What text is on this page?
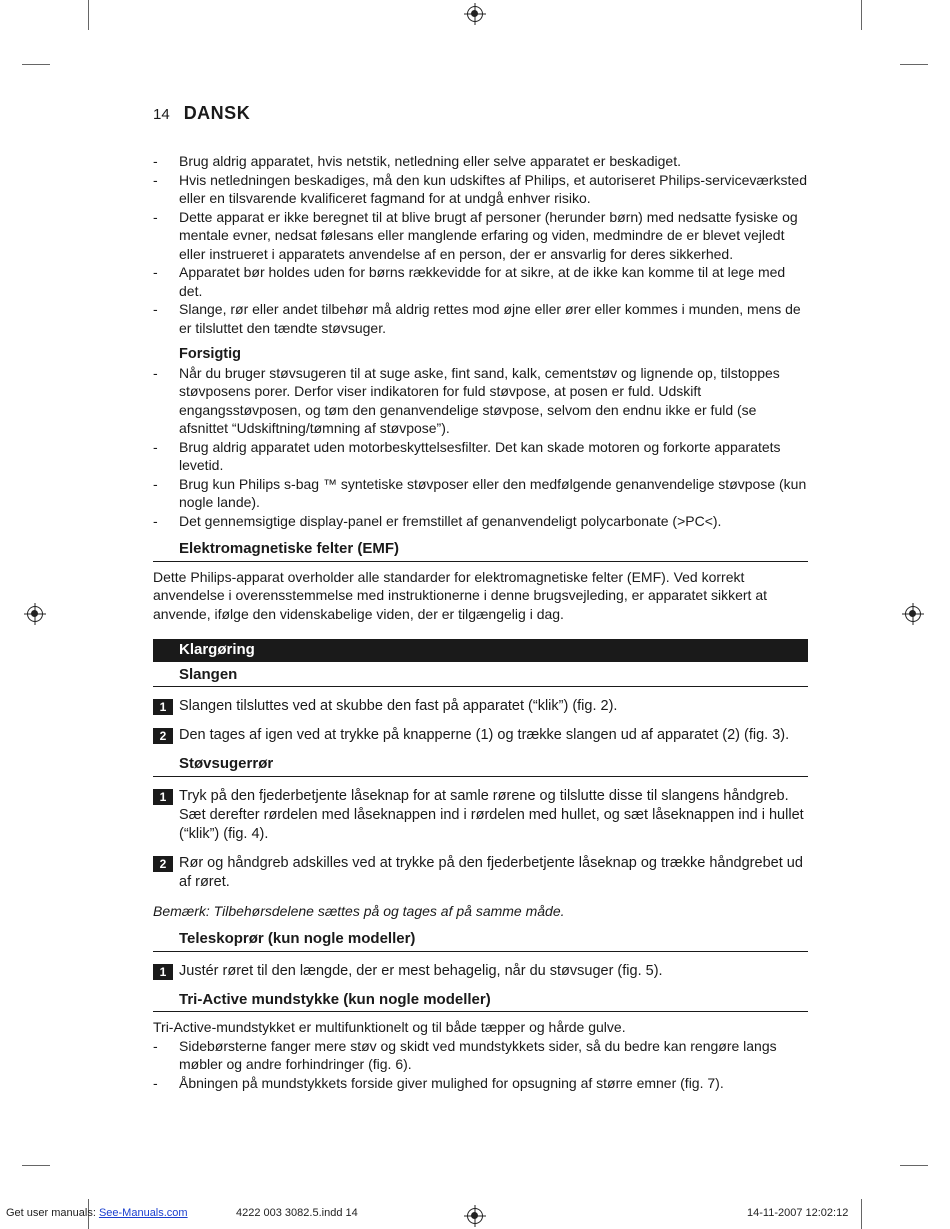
14 DANSK
- Brug aldrig apparatet, hvis netstik, netledning eller selve apparatet er beskadiget.
- Hvis netledningen beskadiges, må den kun udskiftes af Philips, et autoriseret Philips-serviceværksted eller en tilsvarende kvalificeret fagmand for at undgå enhver risiko.
- Dette apparat er ikke beregnet til at blive brugt af personer (herunder børn) med nedsatte fysiske og mentale evner, nedsat følesans eller manglende erfaring og viden, medmindre de er blevet vejledt eller instrueret i apparatets anvendelse af en person, der er ansvarlig for deres sikkerhed.
- Apparatet bør holdes uden for børns rækkevidde for at sikre, at de ikke kan komme til at lege med det.
- Slange, rør eller andet tilbehør må aldrig rettes mod øjne eller ører eller kommes i munden, mens de er tilsluttet den tændte støvsuger.
Forsigtig
- Når du bruger støvsugeren til at suge aske, fint sand, kalk, cementstøv og lignende op, tilstoppes støvposens porer. Derfor viser indikatoren for fuld støvpose, at posen er fuld. Udskift engangsstøvposen, og tøm den genanvendelige støvpose, selvom den endnu ikke er fuld (se afsnittet “Udskiftning/tømning af støvpose”).
- Brug aldrig apparatet uden motorbeskyttelsesfilter. Det kan skade motoren og forkorte apparatets levetid.
- Brug kun Philips s-bag ™ syntetiske støvposer eller den medfølgende genanvendelige støvpose (kun nogle lande).
- Det gennemsigtige display-panel er fremstillet af genanvendeligt polycarbonate (>PC<).
Elektromagnetiske felter (EMF)

Dette Philips-apparat overholder alle standarder for elektromagnetiske felter (EMF). Ved korrekt anvendelse i overensstemmelse med instruktionerne i denne brugsvejleding, er apparatet sikkert at anvende, ifølge den videnskabelige viden, der er tilgængelig i dag.

Klargøring
Slangen
1 Slangen tilsluttes ved at skubbe den fast på apparatet (“klik”) (fig. 2).
2 Den tages af igen ved at trykke på knapperne (1) og trække slangen ud af apparatet (2) (fig. 3).
Støvsugerrør
1 Tryk på den fjederbetjente låseknap for at samle rørene og tilslutte disse til slangens håndgreb. Sæt derefter rørdelen med låseknappen ind i rørdelen med hullet, og sæt låseknappen ind i hullet (“klik”) (fig. 4).
2 Rør og håndgreb adskilles ved at trykke på den fjederbetjente låseknap og trække håndgrebet ud af røret.
Bemærk: Tilbehørsdelene sættes på og tages af på samme måde.
Teleskoprør (kun nogle modeller)
1 Justér røret til den længde, der er mest behagelig, når du støvsuger (fig. 5).
Tri-Active mundstykke (kun nogle modeller)

Tri-Active-mundstykket er multifunktionelt og til både tæpper og hårde gulve.

- Sidebørsterne fanger mere støv og skidt ved mundstykkets sider, så du bedre kan rengøre langs møbler og andre forhindringer (fig. 6).
- Åbningen på mundstykkets forside giver mulighed for opsugning af større emner (fig. 7).
Get user manuals: See-Manuals.com	4222 003 3082.5.indd 14	14-11-2007 12:02:12
